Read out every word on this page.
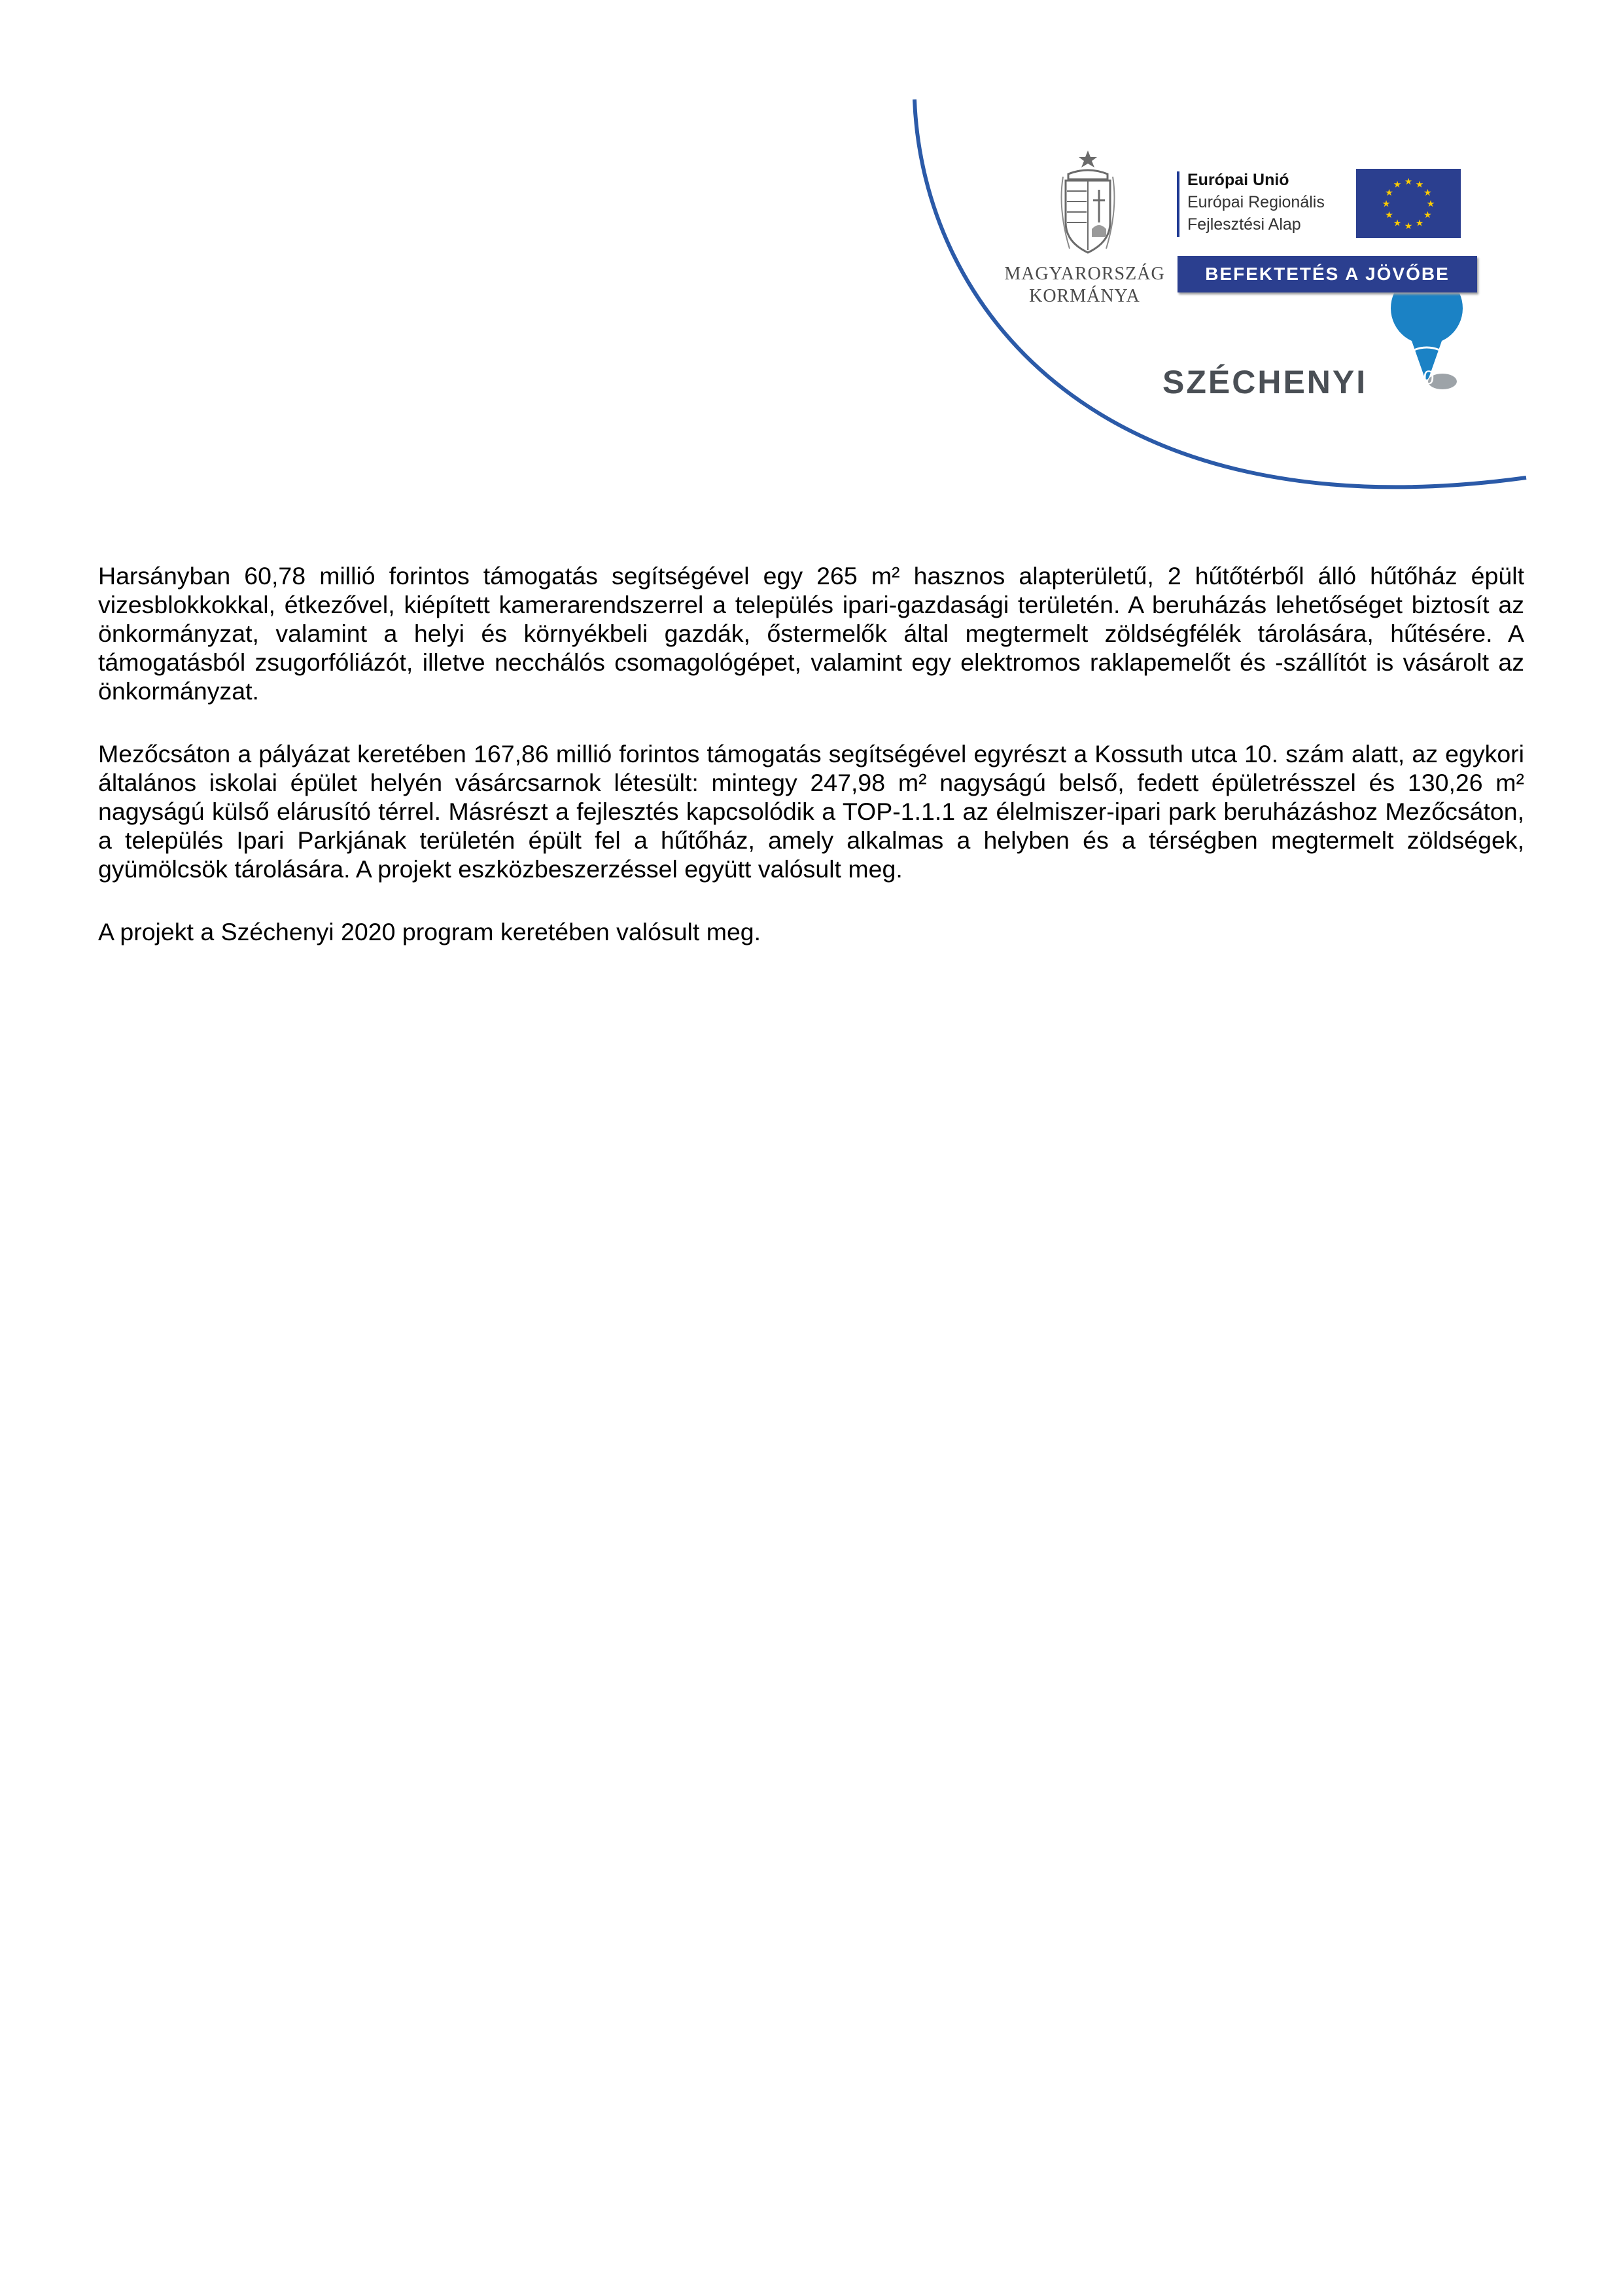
★
★
★
★
★
★
★
★
★ ★ ★
★
MAGYARORSZÁG
KORMÁNYA
Európai Unió
Európai Regionális
Fejlesztési Alap
BEFEKTETÉS A JÖVŐBE
SZÉCHENYI	2020

Harsányban 60,78 millió forintos támogatás segítségével egy 265 m² hasznos alapterületű, 2 hűtőtérből álló hűtőház épült vizesblokkokkal, étkezővel, kiépített kamerarendszerrel a település ipari-gazdasági területén. A beruházás lehetőséget biztosít az önkormányzat, valamint a helyi és környékbeli gazdák, őstermelők által megtermelt zöldségfélék tárolására, hűtésére. A támogatásból zsugorfóliázót, illetve necchálós csomagológépet, valamint egy elektromos raklapemelőt és -szállítót is vásárolt az önkormányzat.

Mezőcsáton a pályázat keretében 167,86 millió forintos támogatás segítségével egyrészt a Kossuth utca 10. szám alatt, az egykori általános iskolai épület helyén vásárcsarnok létesült: mintegy 247,98 m² nagyságú belső, fedett épületrésszel és 130,26 m² nagyságú külső elárusító térrel. Másrészt a fejlesztés kapcsolódik a TOP-1.1.1 az élelmiszer-ipari park beruházáshoz Mezőcsáton, a település Ipari Parkjának területén épült fel a hűtőház, amely alkalmas a helyben és a térségben megtermelt zöldségek, gyümölcsök tárolására. A projekt eszközbeszerzéssel együtt valósult meg.

A projekt a Széchenyi 2020 program keretében valósult meg.
